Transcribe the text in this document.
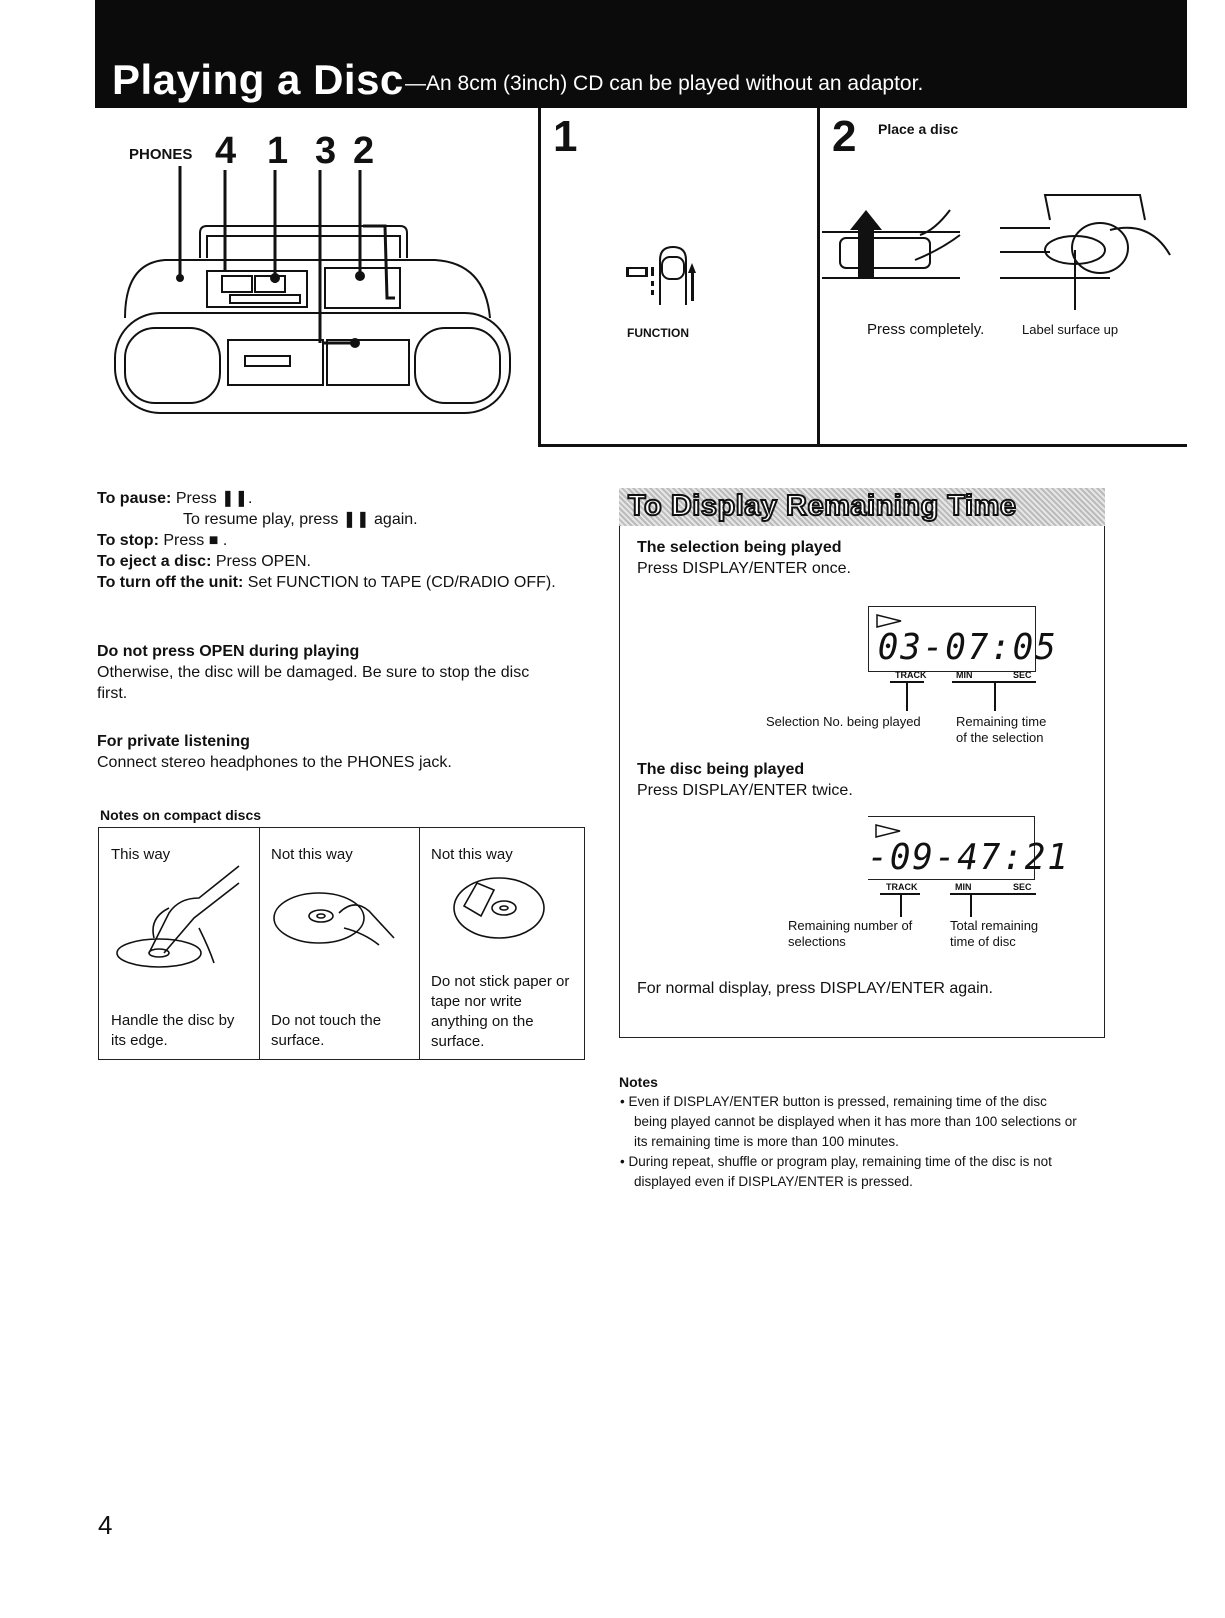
Playing a Disc —An 8cm (3inch) CD can be played without an adaptor.
PHONES 4 1 3 2	1
FUNCTION
2 Place a disc
Press completely.	Label surface up
To pause: Press ❚❚.
To resume play, press ❚❚ again.
To stop: Press ■ .
To eject a disc: Press OPEN.
To turn off the unit: Set FUNCTION to TAPE (CD/RADIO OFF).
Do not press OPEN during playing
Otherwise, the disc will be damaged. Be sure to stop the disc first.
For private listening
Connect stereo headphones to the PHONES jack.
Notes on compact discs
This way
Handle the disc by its edge.
Not this way
Do not touch the surface.
Not this way
Do not stick paper or tape nor write anything on the surface.
To Display Remaining Time
The selection being played
Press DISPLAY/ENTER once.
03-07:05
TRACK	MIN	SEC
Selection No. being played	Remaining time
of the selection
The disc being played
Press DISPLAY/ENTER twice.
-09-47:21
TRACK	MIN	SEC
Remaining number of
selections
Total remaining
time of disc
For normal display, press DISPLAY/ENTER again.
Notes
• Even if DISPLAY/ENTER button is pressed, remaining time of the disc being played cannot be displayed when it has more than 100 selections or its remaining time is more than 100 minutes.
• During repeat, shuffle or program play, remaining time of the disc is not displayed even if DISPLAY/ENTER is pressed.
4
